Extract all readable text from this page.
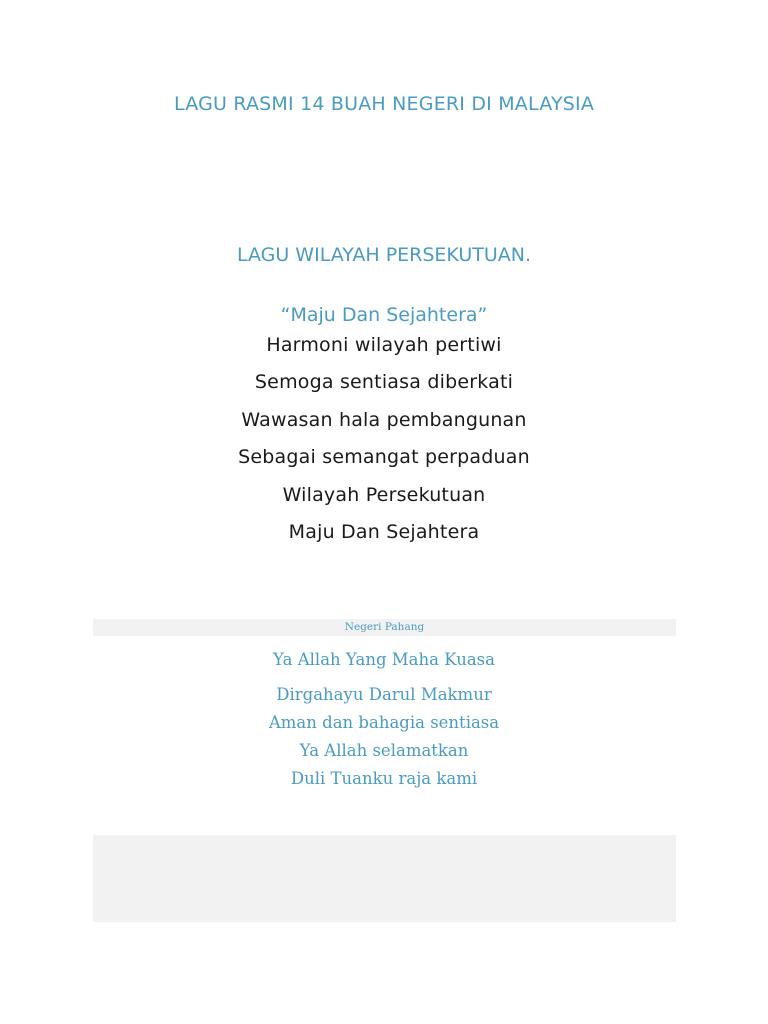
LAGU RASMI 14 BUAH NEGERI DI MALAYSIA
LAGU WILAYAH PERSEKUTUAN.
“Maju Dan Sejahtera”
Harmoni wilayah pertiwi
Semoga sentiasa diberkati
Wawasan hala pembangunan
Sebagai semangat perpaduan
Wilayah Persekutuan
Maju Dan Sejahtera
Negeri Pahang
Ya Allah Yang Maha Kuasa
Dirgahayu Darul Makmur
Aman dan bahagia sentiasa
Ya Allah selamatkan
Duli Tuanku raja kami
